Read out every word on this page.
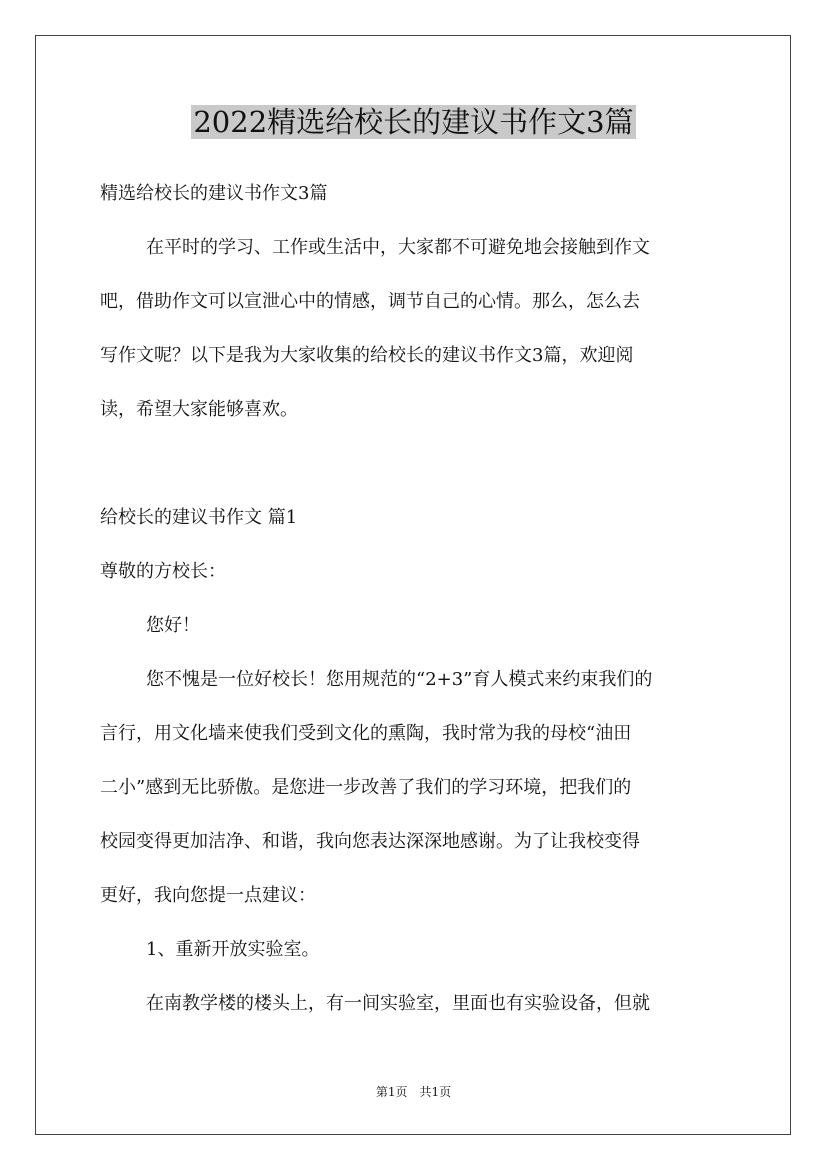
2022精选给校长的建议书作文3篇
精选给校长的建议书作文3篇
在平时的学习、工作或生活中，大家都不可避免地会接触到作文
吧，借助作文可以宣泄心中的情感，调节自己的心情。那么，怎么去
写作文呢？以下是我为大家收集的给校长的建议书作文3篇，欢迎阅
读，希望大家能够喜欢。
给校长的建议书作文 篇1
尊敬的方校长：
您好！
您不愧是一位好校长！您用规范的“2+3”育人模式来约束我们的
言行，用文化墙来使我们受到文化的熏陶，我时常为我的母校“油田
二小”感到无比骄傲。是您进一步改善了我们的学习环境，把我们的
校园变得更加洁净、和谐，我向您表达深深地感谢。为了让我校变得
更好，我向您提一点建议：
1、重新开放实验室。
在南教学楼的楼头上，有一间实验室，里面也有实验设备，但就
第1页　共1页
